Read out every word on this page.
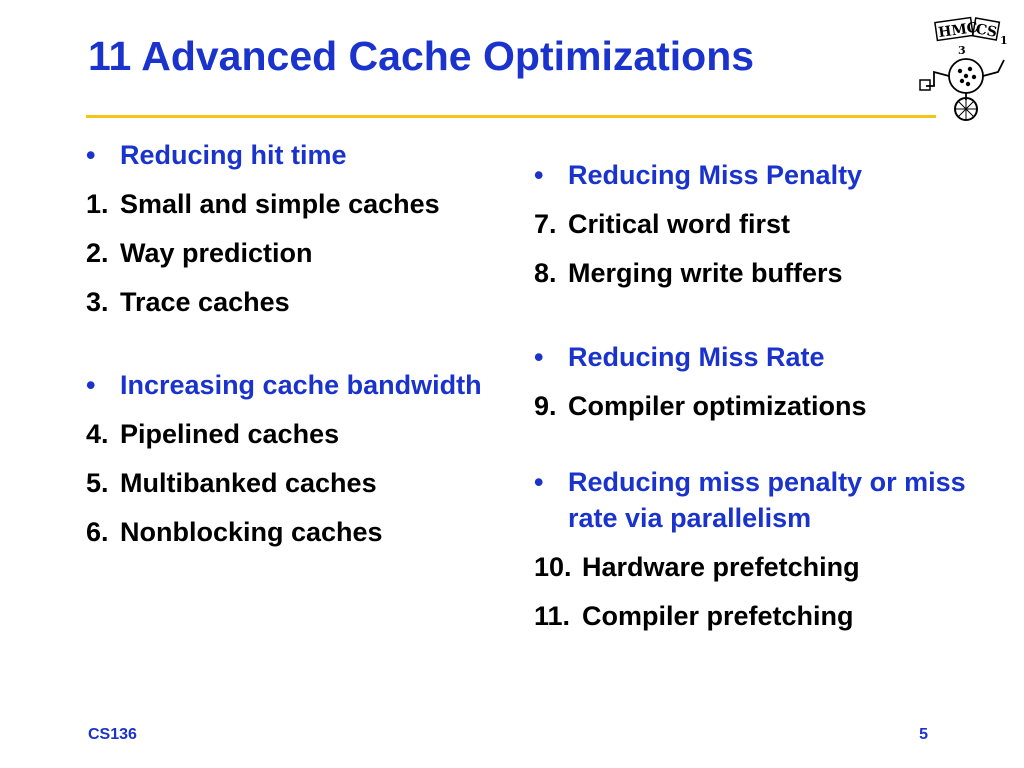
11 Advanced Cache Optimizations
HMC
CS 1
3

• Reducing hit time

1. Small and simple caches

2. Way prediction

3. Trace caches

• Increasing cache bandwidth

4. Pipelined caches

5. Multibanked caches

6. Nonblocking caches

• Reducing Miss Penalty

7. Critical word first

8. Merging write buffers

• Reducing Miss Rate

9. Compiler optimizations

• Reducing miss penalty or miss rate via parallelism

10. Hardware prefetching

11. Compiler prefetching

CS136	5
